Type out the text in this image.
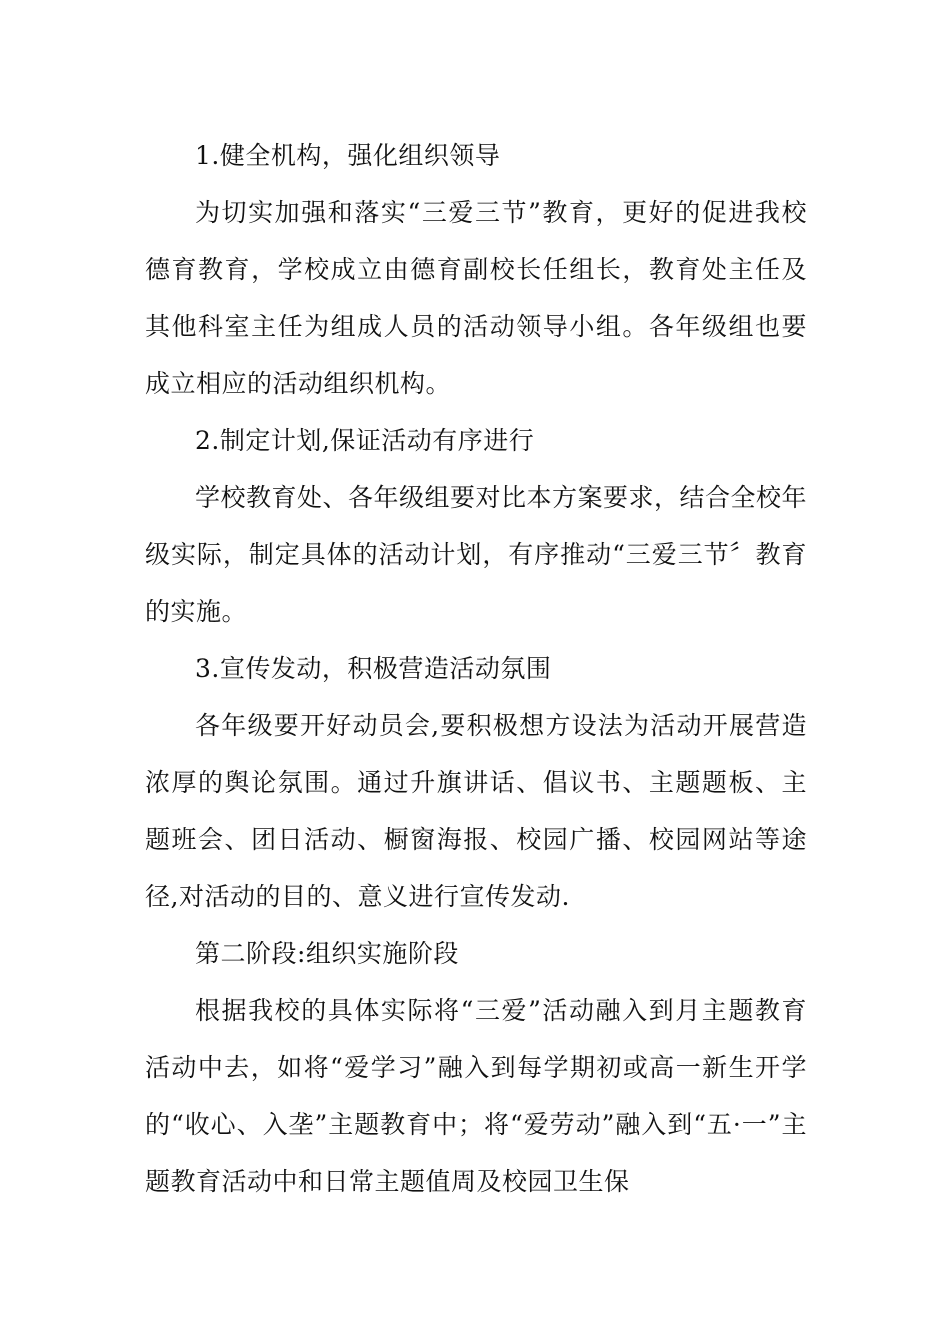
1.健全机构，强化组织领导

为切实加强和落实“三爱三节”教育，更好的促进我校德育教育，学校成立由德育副校长任组长，教育处主任及其他科室主任为组成人员的活动领导小组。各年级组也要成立相应的活动组织机构。

2.制定计划,保证活动有序进行

学校教育处、各年级组要对比本方案要求，结合全校年级实际，制定具体的活动计划，有序推动“三爱三节〞教育的实施。

3.宣传发动，积极营造活动氛围

各年级要开好动员会,要积极想方设法为活动开展营造浓厚的舆论氛围。通过升旗讲话、倡议书、主题题板、主题班会、团日活动、橱窗海报、校园广播、校园网站等途径,对活动的目的、意义进行宣传发动.

第二阶段:组织实施阶段

根据我校的具体实际将“三爱”活动融入到月主题教育活动中去，如将“爱学习”融入到每学期初或高一新生开学的“收心、入垄”主题教育中；将“爱劳动”融入到“五·一”主题教育活动中和日常主题值周及校园卫生保
